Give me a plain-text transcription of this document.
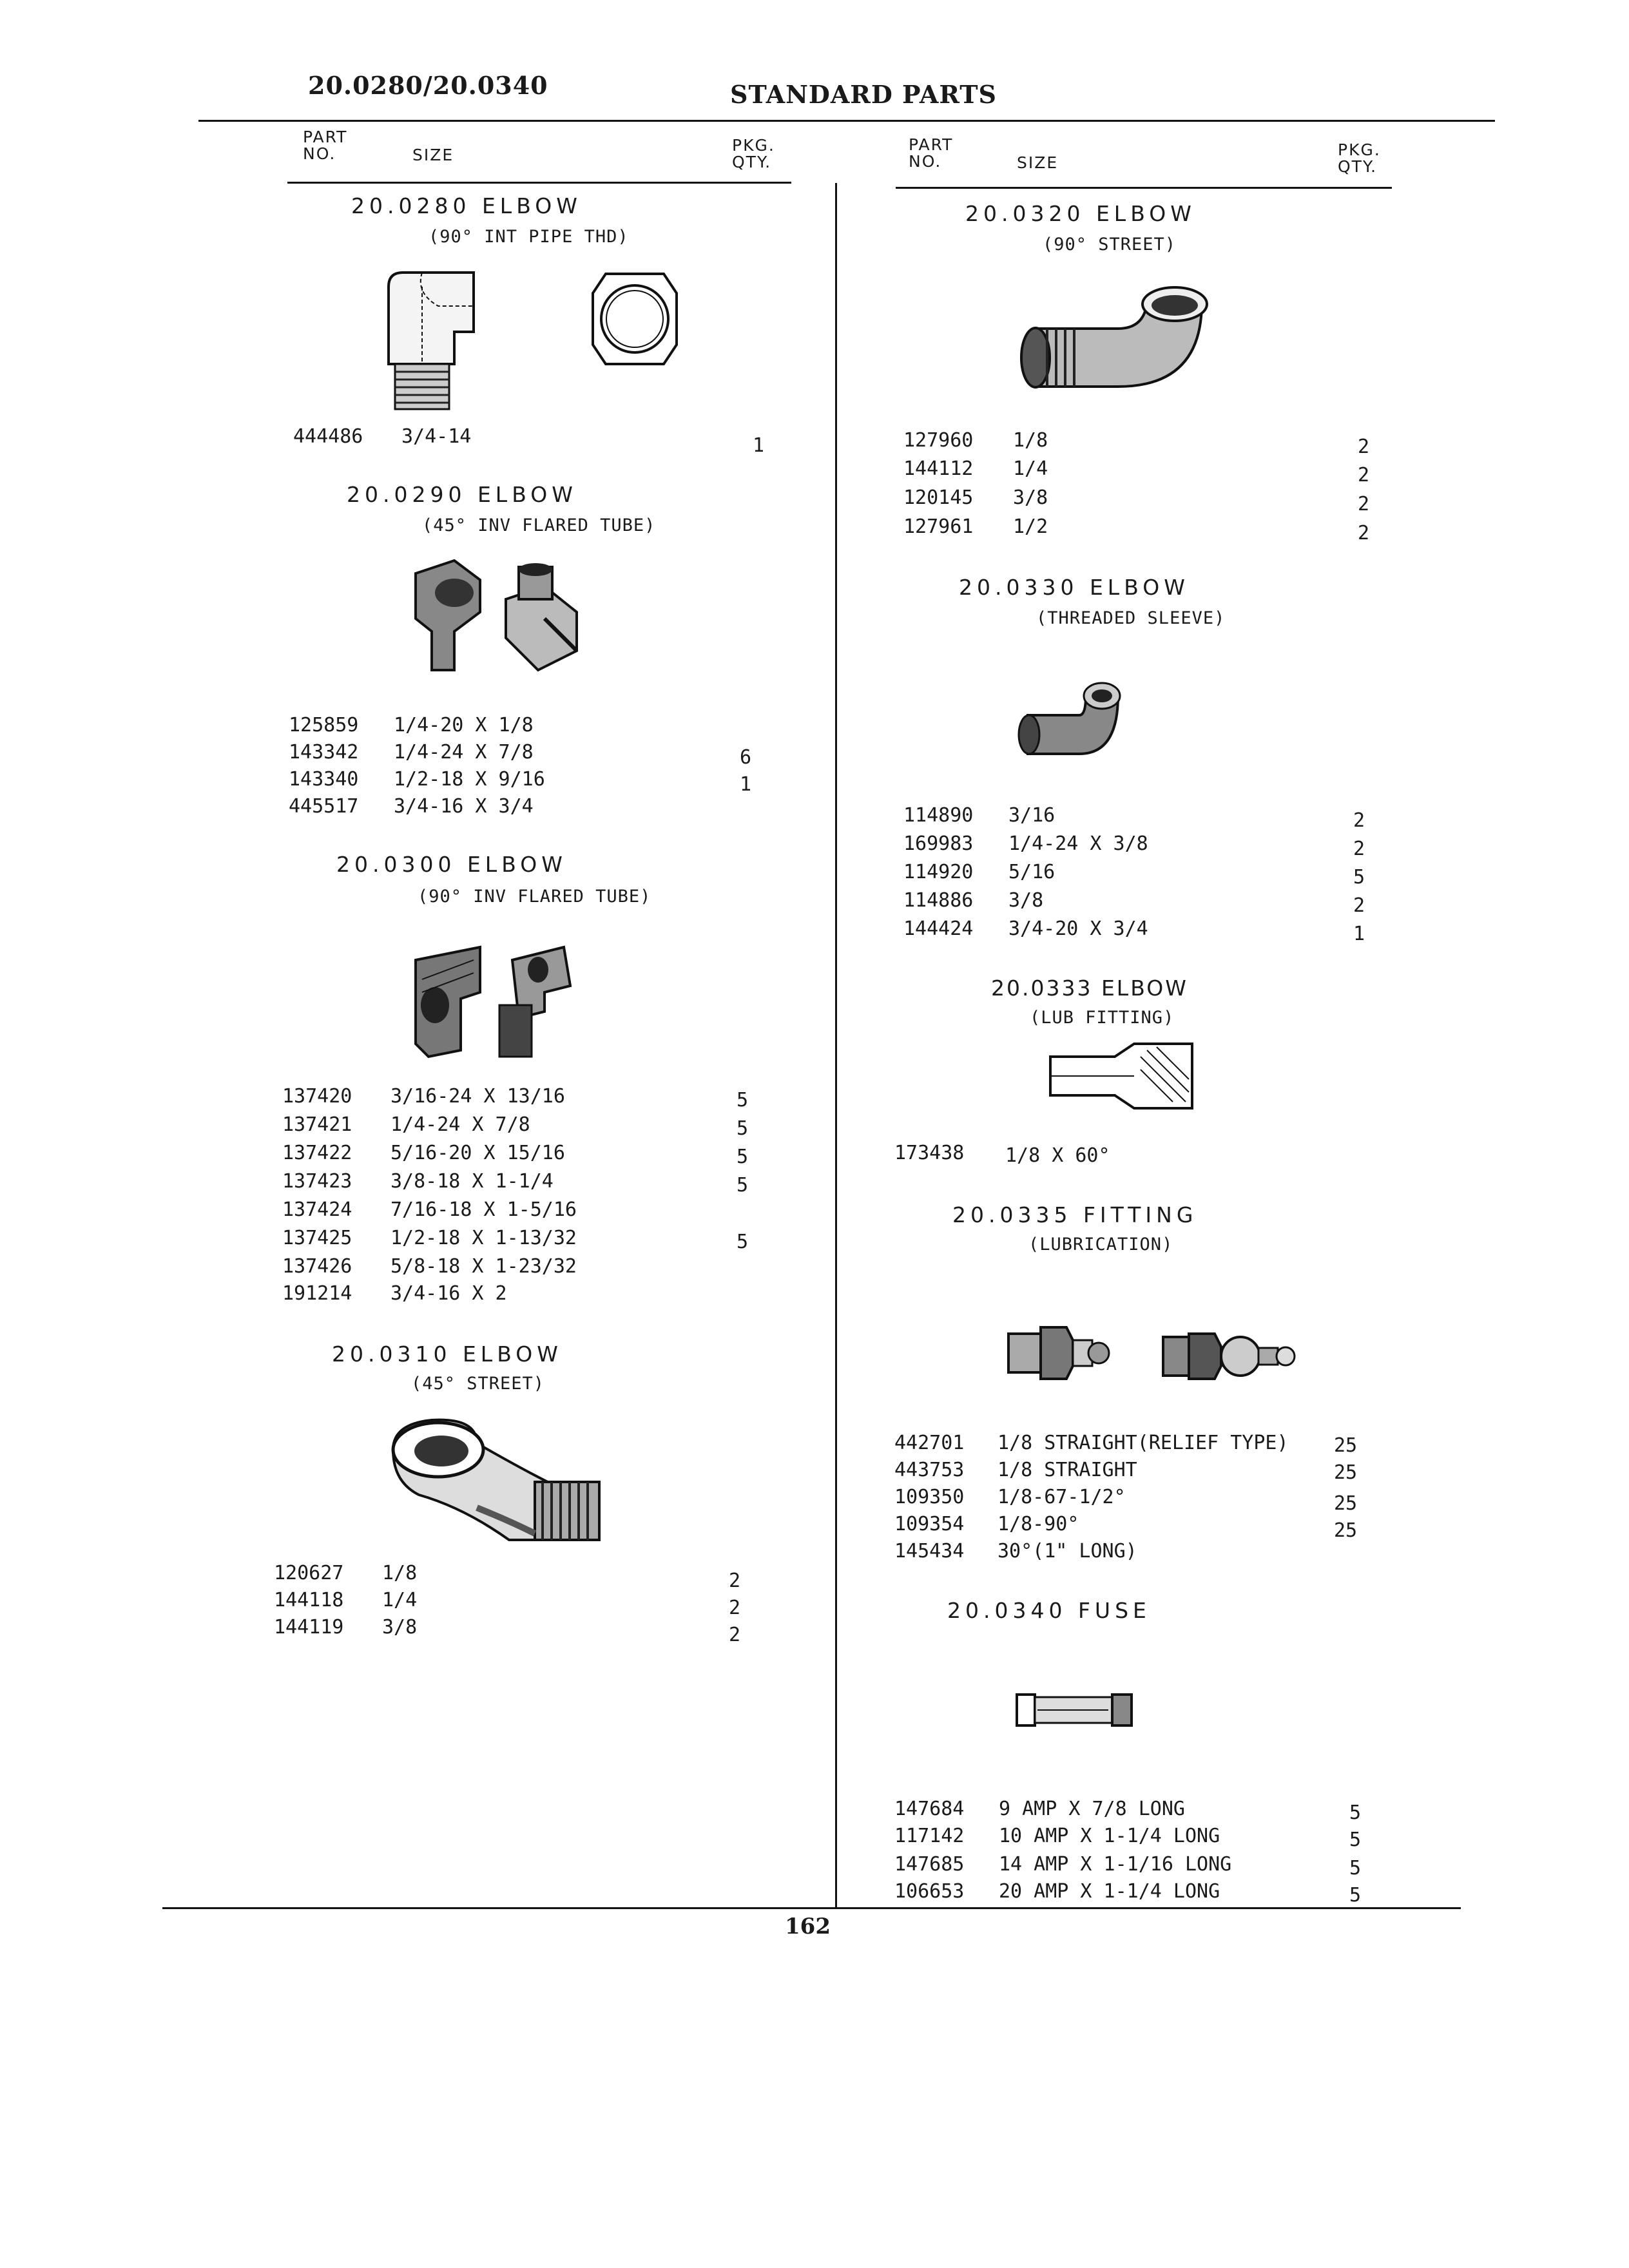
20.0280/20.0340	STANDARD PARTS
PART
NO.	SIZE
PKG.
QTY.
PART
NO.	SIZE
PKG.
QTY.
20.0280 ELBOW
(90° INT PIPE THD)
444486 3/4-14	1
20.0290 ELBOW
(45° INV FLARED TUBE)
125859 1/4-20 X 1/8
143342 1/4-24 X 7/8	6
143340 1/2-18 X 9/16	1
445517 3/4-16 X 3/4
20.0300 ELBOW
(90° INV FLARED TUBE)
137420 3/16-24 X 13/16	5
137421 1/4-24 X 7/8	5
137422 5/16-20 X 15/16	5
137423 3/8-18 X 1-1/4	5
137424 7/16-18 X 1-5/16
137425 1/2-18 X 1-13/32	5
137426 5/8-18 X 1-23/32
191214 3/4-16 X 2
20.0310 ELBOW
(45° STREET)
120627 1/8	2
144118 1/4	2
144119 3/8	2
20.0320 ELBOW
(90° STREET)
127960 1/8	2
144112 1/4	2
120145 3/8	2
127961 1/2	2
20.0330 ELBOW
(THREADED SLEEVE)
114890 3/16	2
169983 1/4-24 X 3/8	2
114920 5/16	5
114886 3/8	2
144424 3/4-20 X 3/4	1
20.0333 ELBOW
(LUB FITTING)
173438 1/8 X 60°
20.0335 FITTING
(LUBRICATION)
442701 1/8 STRAIGHT(RELIEF TYPE) 25
443753 1/8 STRAIGHT	25
109350 1/8-67-1/2°	25
109354 1/8-90°	25
145434 30°(1" LONG)
20.0340 FUSE
147684 9 AMP X 7/8 LONG	5
117142 10 AMP X 1-1/4 LONG	5
147685 14 AMP X 1-1/16 LONG	5
106653 20 AMP X 1-1/4 LONG	5
162
